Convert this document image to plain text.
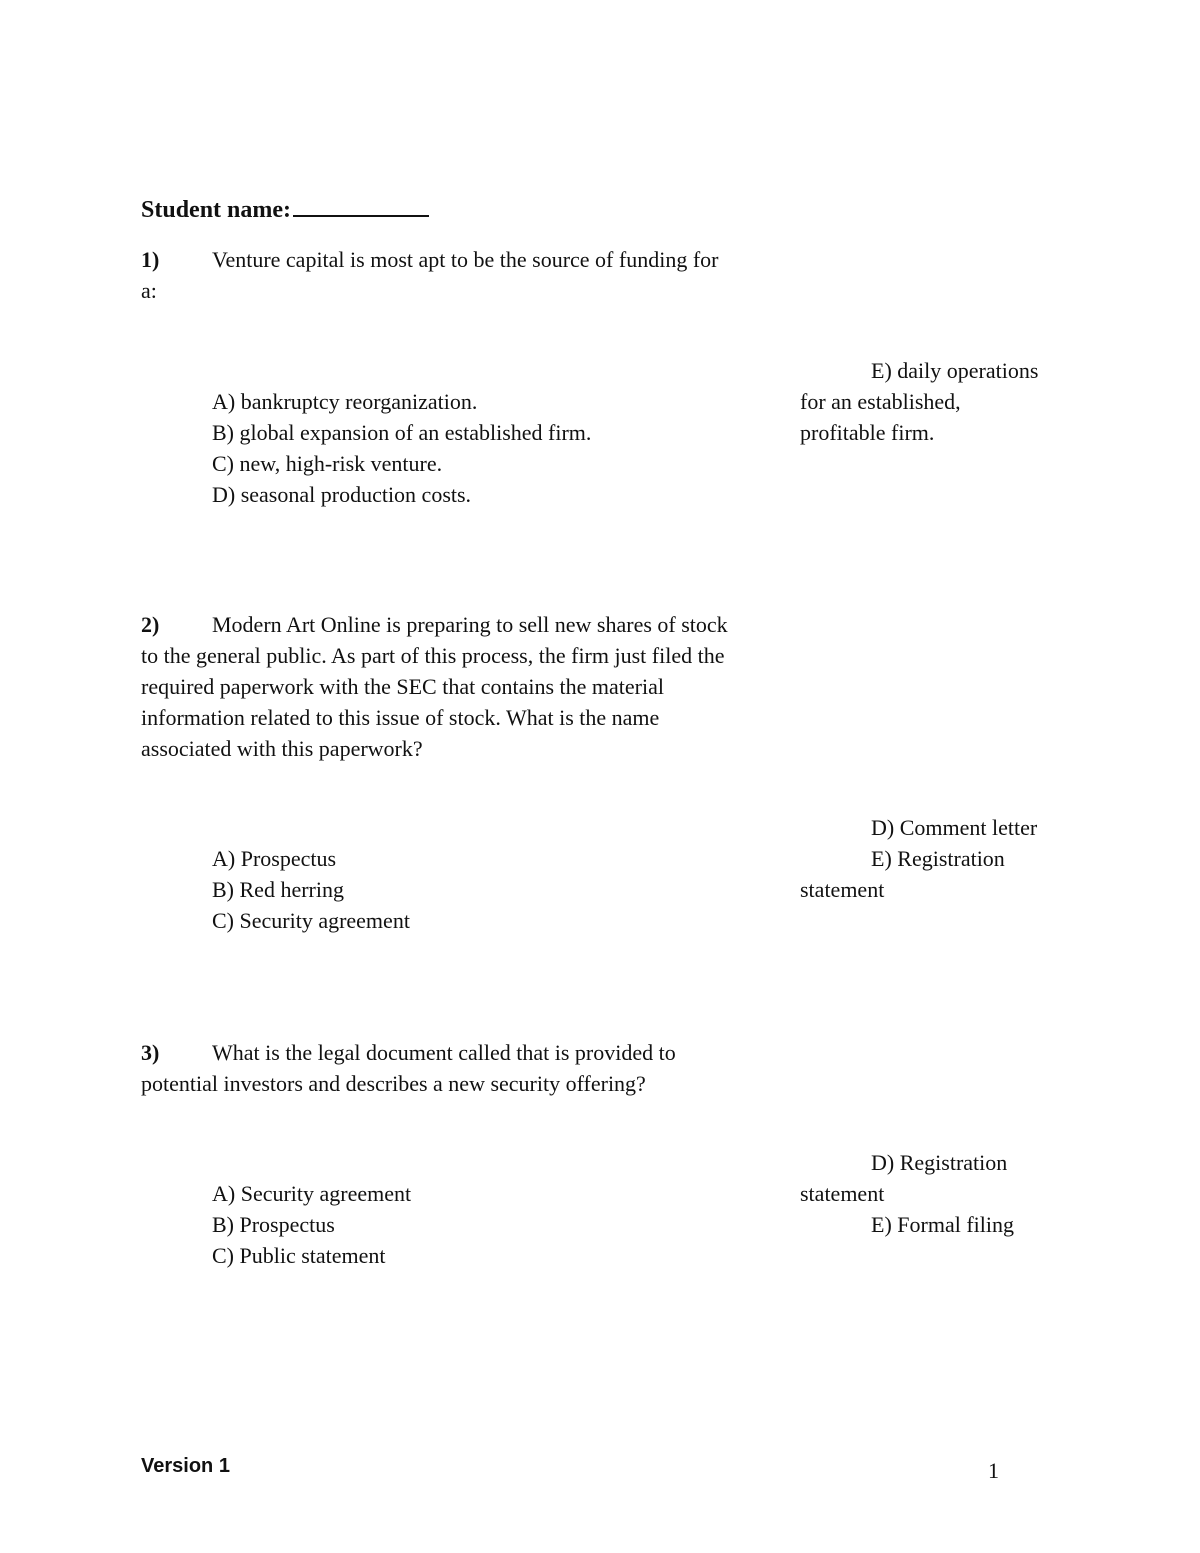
Student name:
1) Venture capital is most apt to be the source of funding for a:
A) bankruptcy reorganization.
B) global expansion of an established firm.
C) new, high-risk venture.
D) seasonal production costs.
E) daily operations
for an established,
profitable firm.
2) Modern Art Online is preparing to sell new shares of stock to the general public. As part of this process, the firm just filed the required paperwork with the SEC that contains the material information related to this issue of stock. What is the name associated with this paperwork?
A) Prospectus
B) Red herring
C) Security agreement
D) Comment letter
E) Registration
statement
3) What is the legal document called that is provided to potential investors and describes a new security offering?
A) Security agreement
B) Prospectus
C) Public statement
D) Registration
statement
E) Formal filing
Version 1	1
